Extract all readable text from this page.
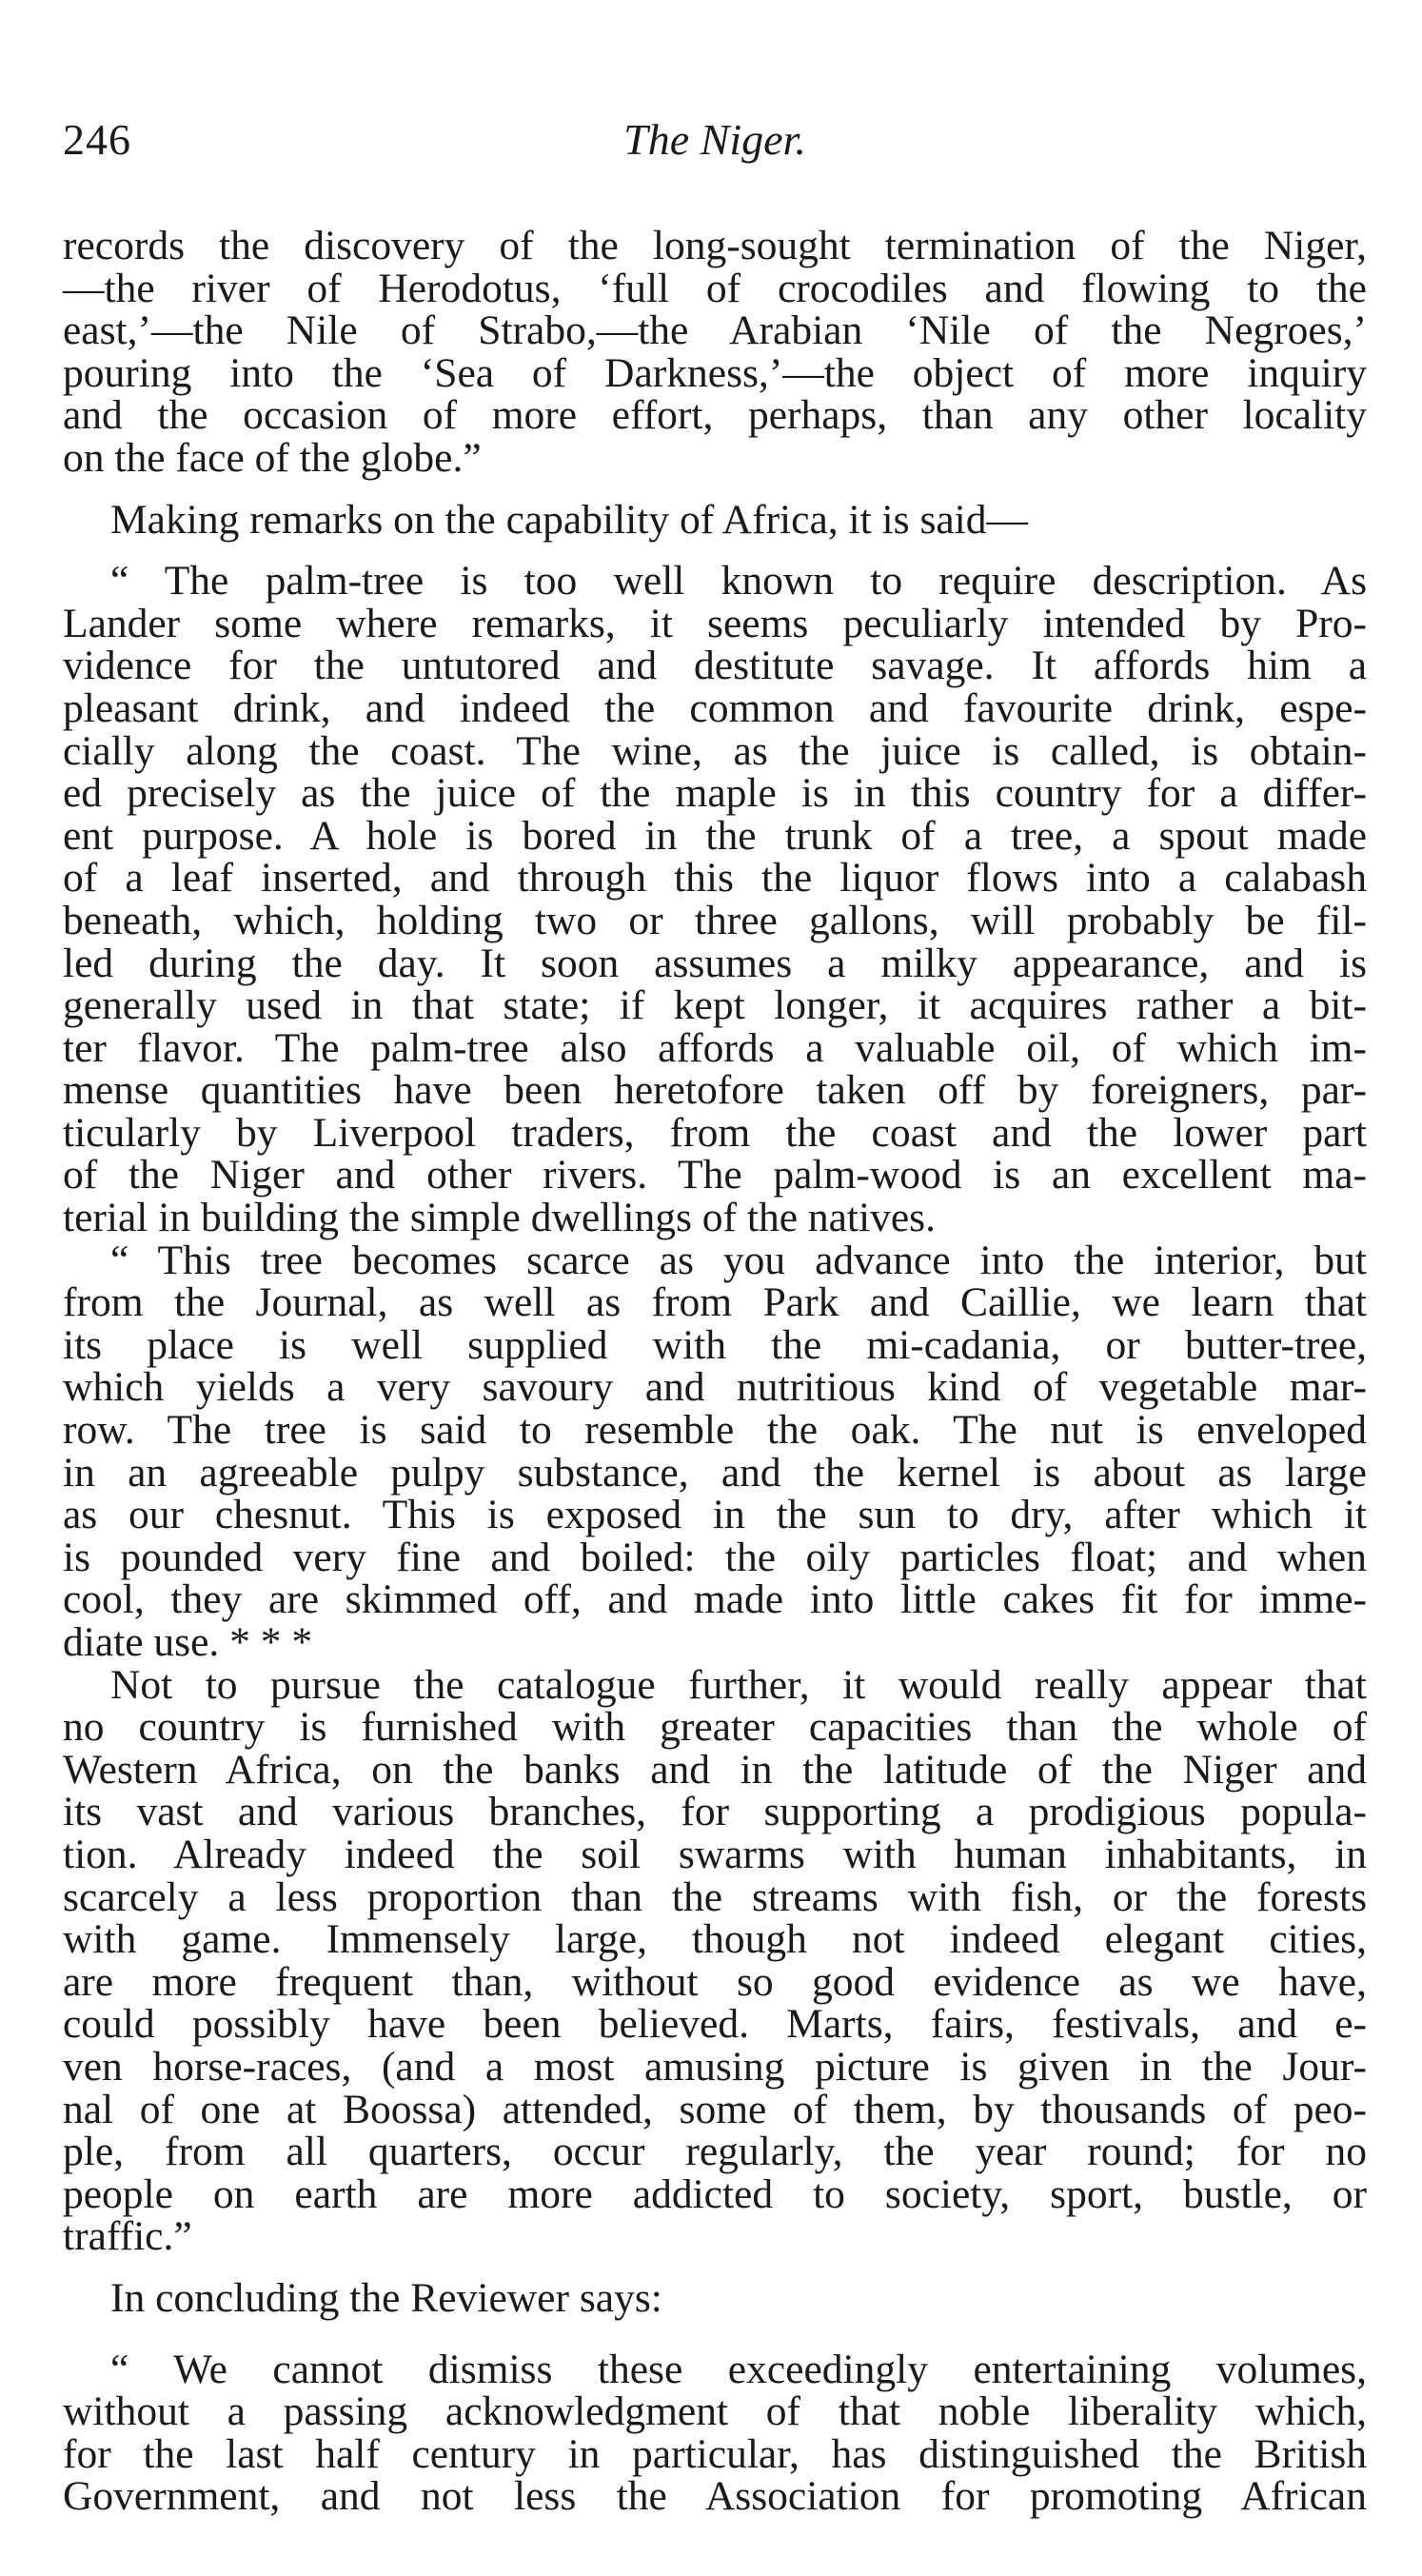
246	The Niger.
records the discovery of the long-sought termination of the Niger,
—the river of Herodotus, ‘full of crocodiles and flowing to the
east,’—the Nile of Strabo,—the Arabian ‘Nile of the Negroes,’
pouring into the ‘Sea of Darkness,’—the object of more inquiry
and the occasion of more effort, perhaps, than any other locality
on the face of the globe.”
Making remarks on the capability of Africa, it is said—
“ The palm-tree is too well known to require description. As
Lander some where remarks, it seems peculiarly intended by Pro-
vidence for the untutored and destitute savage. It affords him a
pleasant drink, and indeed the common and favourite drink, espe-
cially along the coast. The wine, as the juice is called, is obtain-
ed precisely as the juice of the maple is in this country for a differ-
ent purpose. A hole is bored in the trunk of a tree, a spout made
of a leaf inserted, and through this the liquor flows into a calabash
beneath, which, holding two or three gallons, will probably be fil-
led during the day. It soon assumes a milky appearance, and is
generally used in that state; if kept longer, it acquires rather a bit-
ter flavor. The palm-tree also affords a valuable oil, of which im-
mense quantities have been heretofore taken off by foreigners, par-
ticularly by Liverpool traders, from the coast and the lower part
of the Niger and other rivers. The palm-wood is an excellent ma-
terial in building the simple dwellings of the natives.
“ This tree becomes scarce as you advance into the interior, but
from the Journal, as well as from Park and Caillie, we learn that
its place is well supplied with the mi-cadania, or butter-tree,
which yields a very savoury and nutritious kind of vegetable mar-
row. The tree is said to resemble the oak. The nut is enveloped
in an agreeable pulpy substance, and the kernel is about as large
as our chesnut. This is exposed in the sun to dry, after which it
is pounded very fine and boiled: the oily particles float; and when
cool, they are skimmed off, and made into little cakes fit for imme-
diate use. * * *
Not to pursue the catalogue further, it would really appear that
no country is furnished with greater capacities than the whole of
Western Africa, on the banks and in the latitude of the Niger and
its vast and various branches, for supporting a prodigious popula-
tion. Already indeed the soil swarms with human inhabitants, in
scarcely a less proportion than the streams with fish, or the forests
with game. Immensely large, though not indeed elegant cities,
are more frequent than, without so good evidence as we have,
could possibly have been believed. Marts, fairs, festivals, and e-
ven horse-races, (and a most amusing picture is given in the Jour-
nal of one at Boossa) attended, some of them, by thousands of peo-
ple, from all quarters, occur regularly, the year round; for no
people on earth are more addicted to society, sport, bustle, or
traffic.”
In concluding the Reviewer says:
“ We cannot dismiss these exceedingly entertaining volumes,
without a passing acknowledgment of that noble liberality which,
for the last half century in particular, has distinguished the British
Government, and not less the Association for promoting African
